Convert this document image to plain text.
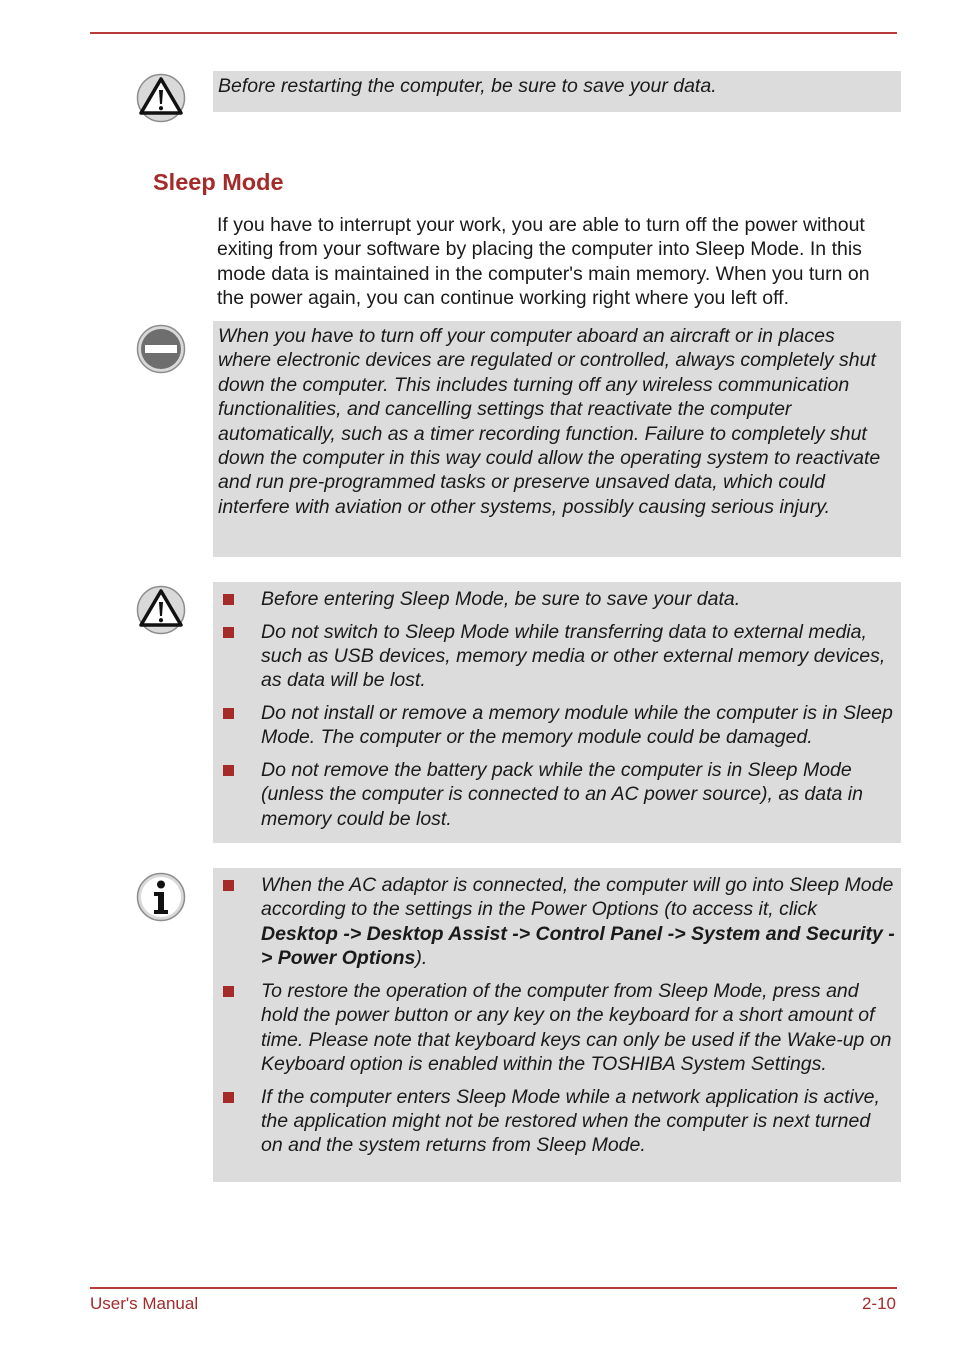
Before restarting the computer, be sure to save your data.

Sleep Mode

If you have to interrupt your work, you are able to turn off the power without exiting from your software by placing the computer into Sleep Mode. In this mode data is maintained in the computer's main memory. When you turn on the power again, you can continue working right where you left off.

When you have to turn off your computer aboard an aircraft or in places where electronic devices are regulated or controlled, always completely shut down the computer. This includes turning off any wireless communication functionalities, and cancelling settings that reactivate the computer automatically, such as a timer recording function. Failure to completely shut down the computer in this way could allow the operating system to reactivate and run pre-programmed tasks or preserve unsaved data, which could interfere with aviation or other systems, possibly causing serious injury.

Before entering Sleep Mode, be sure to save your data.
Do not switch to Sleep Mode while transferring data to external media, such as USB devices, memory media or other external memory devices, as data will be lost.
Do not install or remove a memory module while the computer is in Sleep Mode. The computer or the memory module could be damaged.
Do not remove the battery pack while the computer is in Sleep Mode (unless the computer is connected to an AC power source), as data in memory could be lost.
When the AC adaptor is connected, the computer will go into Sleep Mode according to the settings in the Power Options (to access it, click Desktop -> Desktop Assist -> Control Panel -> System and Security -> Power Options).
To restore the operation of the computer from Sleep Mode, press and hold the power button or any key on the keyboard for a short amount of time. Please note that keyboard keys can only be used if the Wake-up on Keyboard option is enabled within the TOSHIBA System Settings.
If the computer enters Sleep Mode while a network application is active, the application might not be restored when the computer is next turned on and the system returns from Sleep Mode.
User's Manual	2-10
